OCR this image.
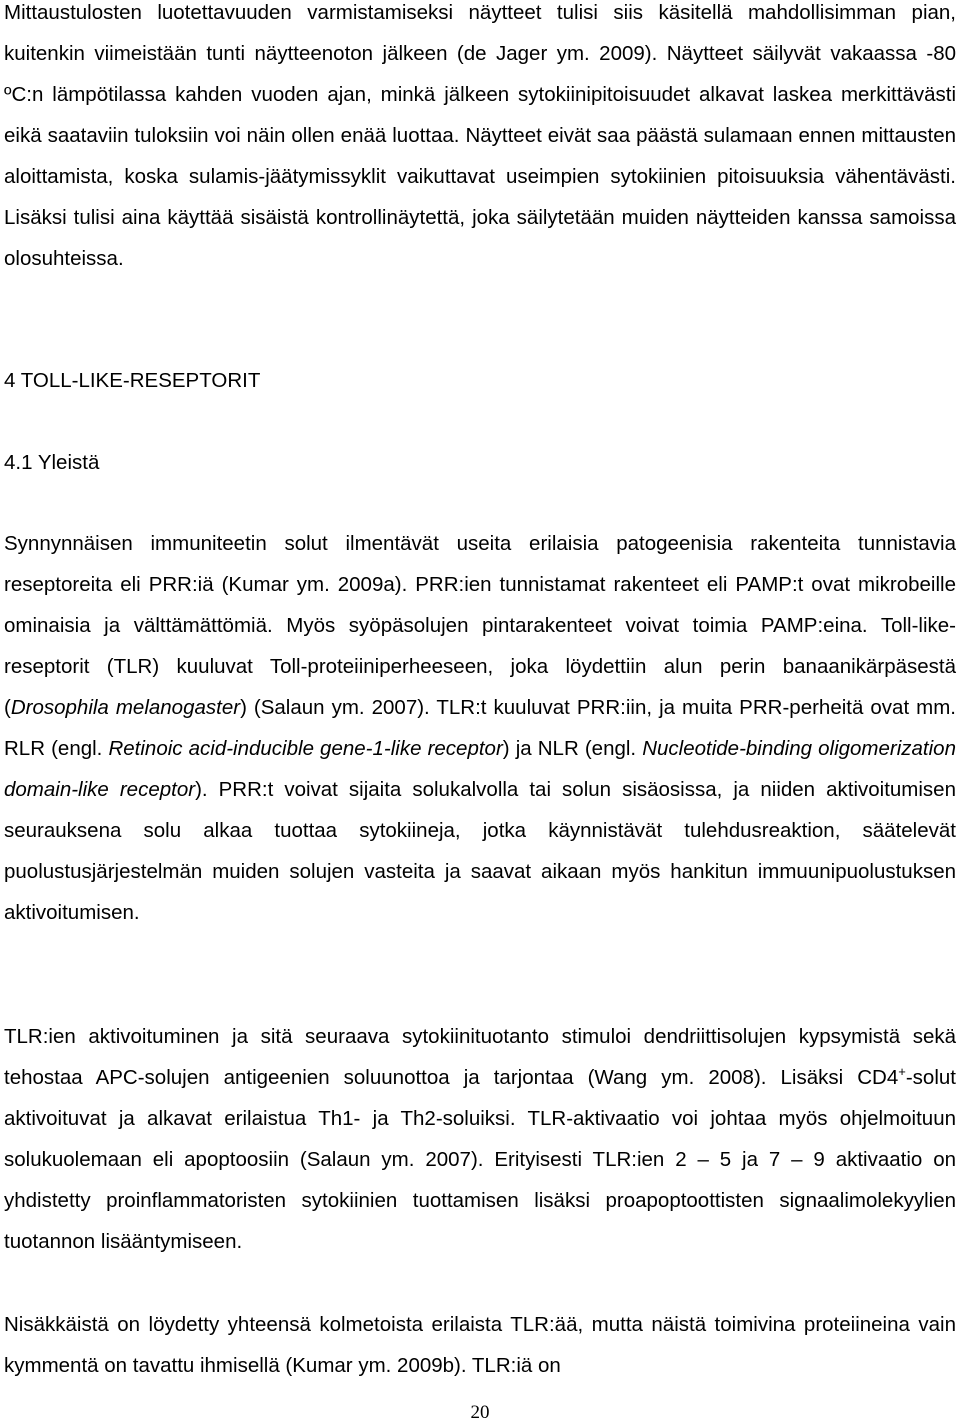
Mittaustulosten luotettavuuden varmistamiseksi näytteet tulisi siis käsitellä mahdollisimman pian, kuitenkin viimeistään tunti näytteenoton jälkeen (de Jager ym. 2009). Näytteet säilyvät vakaassa -80 ºC:n lämpötilassa kahden vuoden ajan, minkä jälkeen sytokiinipitoisuudet alkavat laskea merkittävästi eikä saataviin tuloksiin voi näin ollen enää luottaa. Näytteet eivät saa päästä sulamaan ennen mittausten aloittamista, koska sulamis-jäätymissyklit vaikuttavat useimpien sytokiinien pitoisuuksia vähentävästi. Lisäksi tulisi aina käyttää sisäistä kontrollinäytettä, joka säilytetään muiden näytteiden kanssa samoissa olosuhteissa.

4 TOLL-LIKE-RESEPTORIT
4.1 Yleistä

Synnynnäisen immuniteetin solut ilmentävät useita erilaisia patogeenisia rakenteita tunnistavia reseptoreita eli PRR:iä (Kumar ym. 2009a). PRR:ien tunnistamat rakenteet eli PAMP:t ovat mikrobeille ominaisia ja välttämättömiä. Myös syöpäsolujen pintarakenteet voivat toimia PAMP:eina. Toll-like-reseptorit (TLR) kuuluvat Toll-proteiiniperheeseen, joka löydettiin alun perin banaanikärpäsestä (Drosophila melanogaster) (Salaun ym. 2007). TLR:t kuuluvat PRR:iin, ja muita PRR-perheitä ovat mm. RLR (engl. Retinoic acid-inducible gene-1-like receptor) ja NLR (engl. Nucleotide-binding oligomerization domain-like receptor). PRR:t voivat sijaita solukalvolla tai solun sisäosissa, ja niiden aktivoitumisen seurauksena solu alkaa tuottaa sytokiineja, jotka käynnistävät tulehdusreaktion, säätelevät puolustusjärjestelmän muiden solujen vasteita ja saavat aikaan myös hankitun immuunipuolustuksen aktivoitumisen.

TLR:ien aktivoituminen ja sitä seuraava sytokiinituotanto stimuloi dendriittisolujen kypsymistä sekä tehostaa APC-solujen antigeenien soluunottoa ja tarjontaa (Wang ym. 2008). Lisäksi CD4+-solut aktivoituvat ja alkavat erilaistua Th1- ja Th2-soluiksi. TLR-aktivaatio voi johtaa myös ohjelmoituun solukuolemaan eli apoptoosiin (Salaun ym. 2007). Erityisesti TLR:ien 2 – 5 ja 7 – 9 aktivaatio on yhdistetty proinflammatoristen sytokiinien tuottamisen lisäksi proapoptoottisten signaalimolekyylien tuotannon lisääntymiseen.

Nisäkkäistä on löydetty yhteensä kolmetoista erilaista TLR:ää, mutta näistä toimivina proteiineina vain kymmentä on tavattu ihmisellä (Kumar ym. 2009b). TLR:iä on

20
